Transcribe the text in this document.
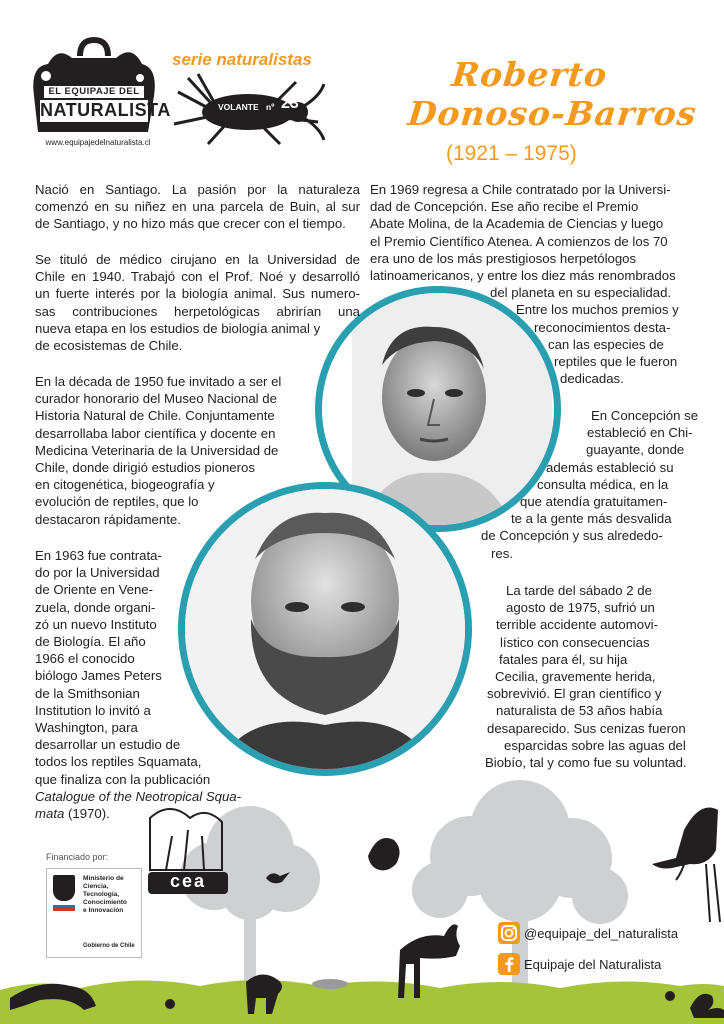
EL EQUIPAJE DEL
NATURALISTA
www.equipajedelnaturalista.cl
serie naturalistas
VOLANTE nº 23
Roberto
Donoso-Barros
(1921 – 1975)
Nació en Santiago. La pasión por la naturaleza
comenzó en su niñez en una parcela de Buin, al sur
de Santiago, y no hizo más que crecer con el tiempo.
Se tituló de médico cirujano en la Universidad de
Chile en 1940. Trabajó con el Prof. Noé y desarrolló
un fuerte interés por la biología animal. Sus numero-
sas contribuciones herpetológicas abrirían una
nueva etapa en los estudios de biología animal y
de ecosistemas de Chile.
En la década de 1950 fue invitado a ser el
curador honorario del Museo Nacional de
Historia Natural de Chile. Conjuntamente
desarrollaba labor científica y docente en
Medicina Veterinaria de la Universidad de
Chile, donde dirigió estudios pioneros
en citogenética, biogeografía y
evolución de reptiles, que lo
destacaron rápidamente.
En 1963 fue contrata-
do por la Universidad
de Oriente en Vene-
zuela, donde organi-
zó un nuevo Instituto
de Biología. El año
1966 el conocido
biólogo James Peters
de la Smithsonian
Institution lo invitó a
Washington, para
desarrollar un estudio de
todos los reptiles Squamata,
que finaliza con la publicación
Catalogue of the Neotropical Squa-
mata (1970).
En 1969 regresa a Chile contratado por la Universi-
dad de Concepción. Ese año recibe el Premio
Abate Molina, de la Academia de Ciencias y luego
el Premio Científico Atenea. A comienzos de los 70
era uno de los más prestigiosos herpetólogos
latinoamericanos, y entre los diez más renombrados
del planeta en su especialidad.
Entre los muchos premios y
reconocimientos desta-
can las especies de
reptiles que le fueron
dedicadas.
En Concepción se
estableció en Chi-
guayante, donde
además estableció su
consulta médica, en la
que atendía gratuitamen-
te a la gente más desvalida
de Concepción y sus alrededo-
res.
La tarde del sábado 2 de
agosto de 1975, sufrió un
terrible accidente automovi-
lístico con consecuencias
fatales para él, su hija
Cecilia, gravemente herida,
sobrevivió. El gran científico y
naturalista de 53 años había
desaparecido. Sus cenizas fueron
esparcidas sobre las aguas del
Biobío, tal y como fue su voluntad.
cea
Financiado por:
Ministerio de
Ciencia,
Tecnología,
Conocimiento
e Innovación
Gobierno de Chile
@equipaje_del_naturalista
Equipaje del Naturalista
